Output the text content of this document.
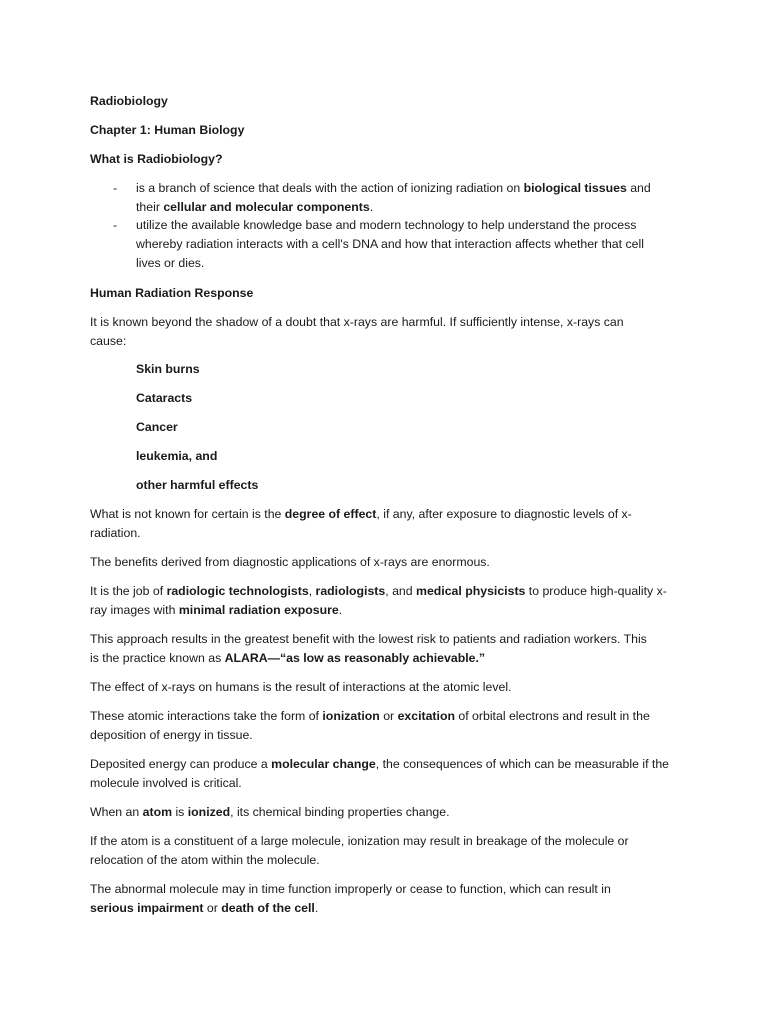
Radiobiology
Chapter 1: Human Biology
What is Radiobiology?
- is a branch of science that deals with the action of ionizing radiation on biological tissues and
their cellular and molecular components.
- utilize the available knowledge base and modern technology to help understand the process
whereby radiation interacts with a cell's DNA and how that interaction affects whether that cell
lives or dies.
Human Radiation Response
It is known beyond the shadow of a doubt that x-rays are harmful. If sufficiently intense, x-rays can
cause:
Skin burns
Cataracts
Cancer
leukemia, and
other harmful effects
What is not known for certain is the degree of effect, if any, after exposure to diagnostic levels of x-
radiation.
The benefits derived from diagnostic applications of x-rays are enormous.
It is the job of radiologic technologists, radiologists, and medical physicists to produce high-quality x-
ray images with minimal radiation exposure.
This approach results in the greatest benefit with the lowest risk to patients and radiation workers. This
is the practice known as ALARA—“as low as reasonably achievable.”
The effect of x-rays on humans is the result of interactions at the atomic level.
These atomic interactions take the form of ionization or excitation of orbital electrons and result in the
deposition of energy in tissue.
Deposited energy can produce a molecular change, the consequences of which can be measurable if the
molecule involved is critical.
When an atom is ionized, its chemical binding properties change.
If the atom is a constituent of a large molecule, ionization may result in breakage of the molecule or
relocation of the atom within the molecule.
The abnormal molecule may in time function improperly or cease to function, which can result in
serious impairment or death of the cell.
